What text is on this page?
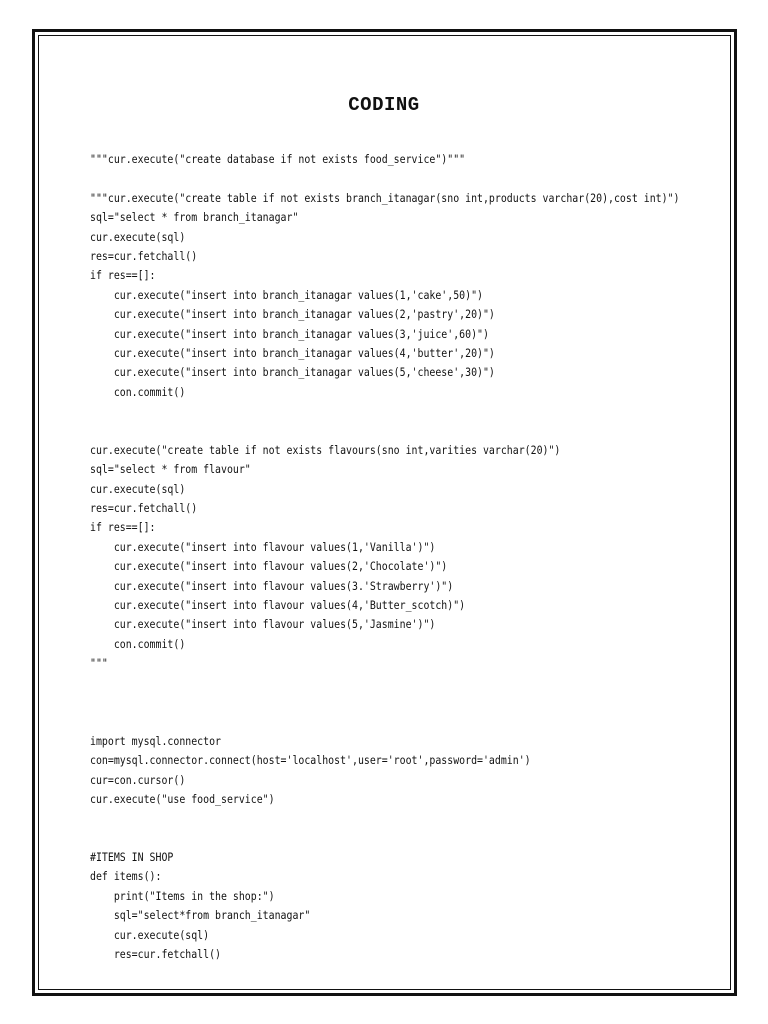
CODING
"""cur.execute("create database if not exists food_service")"""
"""cur.execute("create table if not exists branch_itanagar(sno int,products varchar(20),cost int)")
sql="select * from branch_itanagar"
cur.execute(sql)
res=cur.fetchall()
if res==[]:
cur.execute("insert into branch_itanagar values(1,'cake',50)")
cur.execute("insert into branch_itanagar values(2,'pastry',20)")
cur.execute("insert into branch_itanagar values(3,'juice',60)")
cur.execute("insert into branch_itanagar values(4,'butter',20)")
cur.execute("insert into branch_itanagar values(5,'cheese',30)")
con.commit()
cur.execute("create table if not exists flavours(sno int,varities varchar(20)")
sql="select * from flavour"
cur.execute(sql)
res=cur.fetchall()
if res==[]:
cur.execute("insert into flavour values(1,'Vanilla')")
cur.execute("insert into flavour values(2,'Chocolate')")
cur.execute("insert into flavour values(3.'Strawberry')")
cur.execute("insert into flavour values(4,'Butter_scotch)")
cur.execute("insert into flavour values(5,'Jasmine')")
con.commit()
"""
import mysql.connector
con=mysql.connector.connect(host='localhost',user='root',password='admin')
cur=con.cursor()
cur.execute("use food_service")
#ITEMS IN SHOP
def items():
print("Items in the shop:")
sql="select*from branch_itanagar"
cur.execute(sql)
res=cur.fetchall()
